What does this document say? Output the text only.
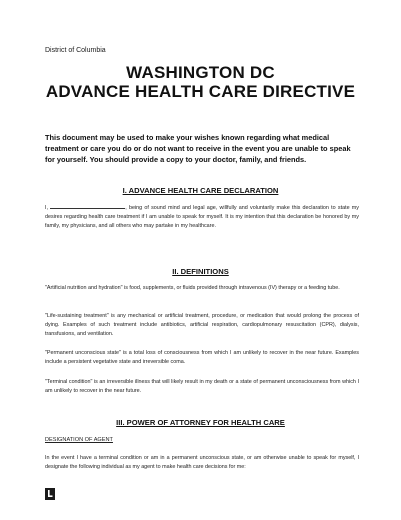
District of Columbia
WASHINGTON DC
ADVANCE HEALTH CARE DIRECTIVE
This document may be used to make your wishes known regarding what medical treatment or care you do or do not want to receive in the event you are unable to speak for yourself. You should provide a copy to your doctor, family, and friends.
I. ADVANCE HEALTH CARE DECLARATION
I,	, being of sound mind and legal age, willfully and voluntarily make this declaration to state my desires regarding health care treatment if I am unable to speak for myself. It is my intention that this declaration be honored by my family, my physicians, and all others who may partake in my healthcare.
II. DEFINITIONS
"Artificial nutrition and hydration" is food, supplements, or fluids provided through intravenous (IV) therapy or a feeding tube.
"Life-sustaining treatment" is any mechanical or artificial treatment, procedure, or medication that would prolong the process of dying. Examples of such treatment include antibiotics, artificial respiration, cardiopulmonary resuscitation (CPR), dialysis, transfusions, and ventilation.
"Permanent unconscious state" is a total loss of consciousness from which I am unlikely to recover in the near future. Examples include a persistent vegetative state and irreversible coma.
"Terminal condition" is an irreversible illness that will likely result in my death or a state of permanent unconsciousness from which I am unlikely to recover in the near future.
III. POWER OF ATTORNEY FOR HEALTH CARE
DESIGNATION OF AGENT
In the event I have a terminal condition or am in a permanent unconscious state, or am otherwise unable to speak for myself, I designate the following individual as my agent to make health care decisions for me:
